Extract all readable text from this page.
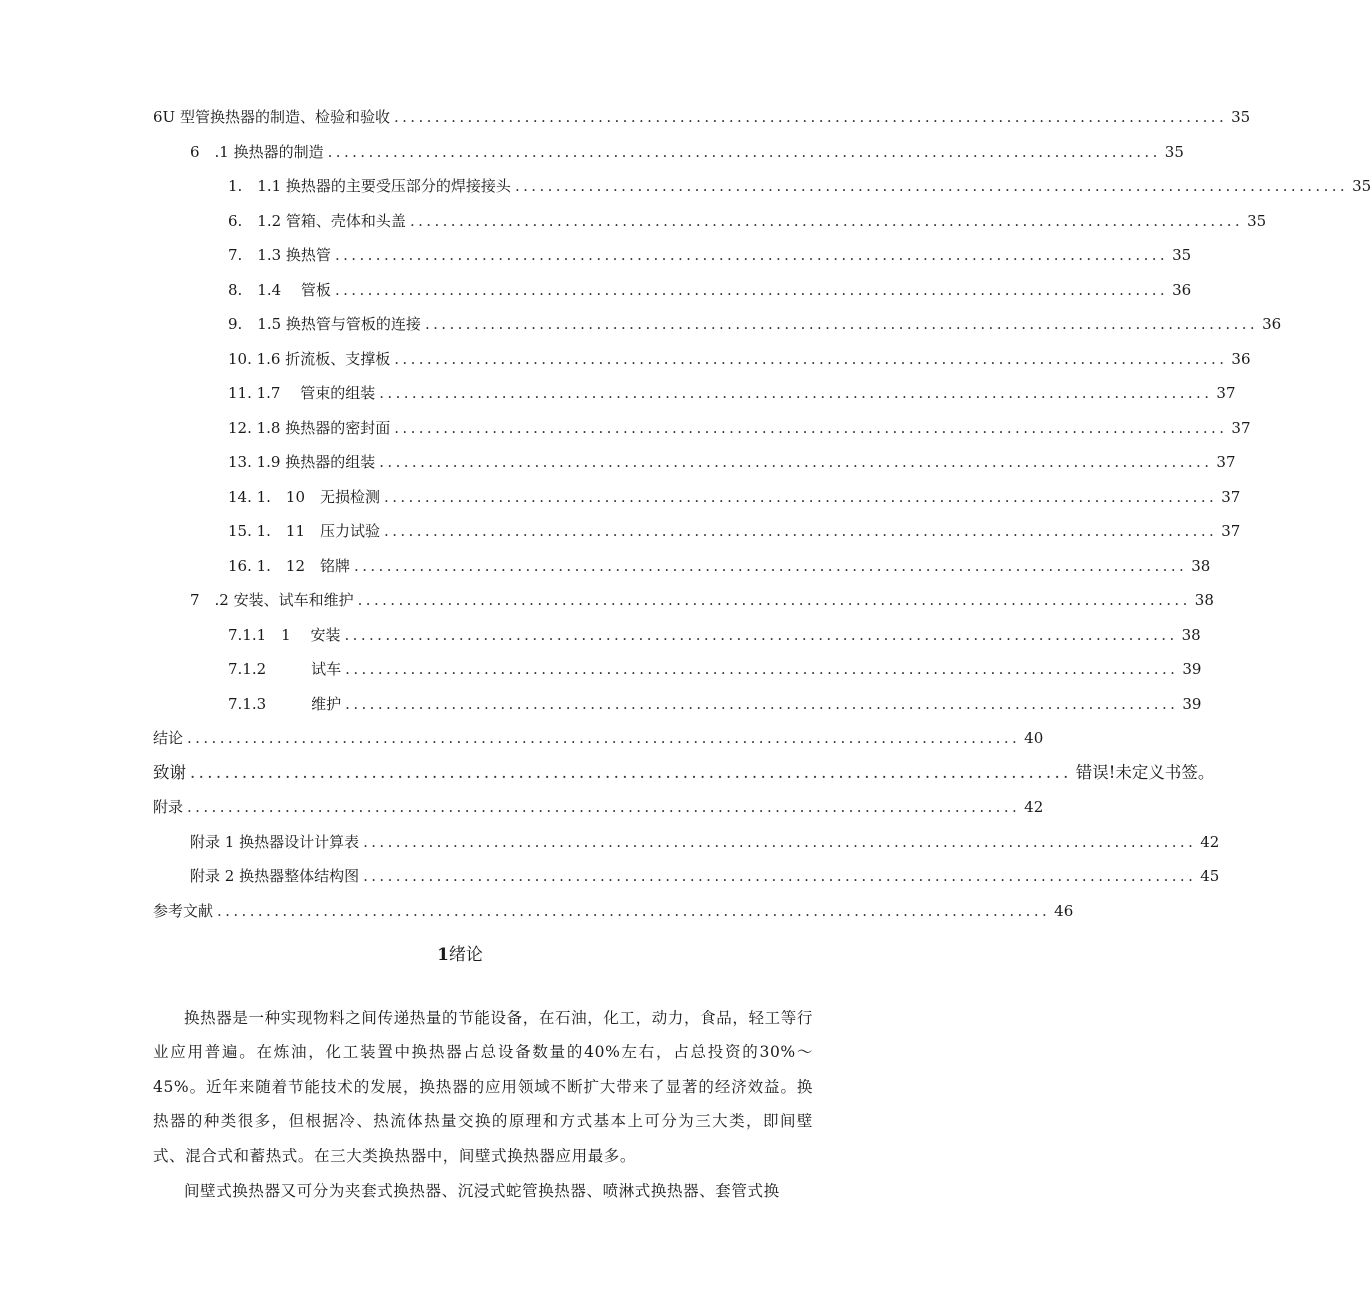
6U 型管换热器的制造、检验和验收 ...................................................................................................... 35
6　.1 换热器的制造 ...................................................................................................... 35
1.　1.1 换热器的主要受压部分的焊接接头 ...................................................................................................... 35
6.　1.2 管箱、壳体和头盖 ...................................................................................................... 35
7.　1.3 换热管 ...................................................................................................... 35
8.　1.4　 管板 ...................................................................................................... 36
9.　1.5 换热管与管板的连接 ...................................................................................................... 36
10. 1.6 折流板、支撑板 ...................................................................................................... 36
11. 1.7　 管束的组装 ...................................................................................................... 37
12. 1.8 换热器的密封面 ...................................................................................................... 37
13. 1.9 换热器的组装 ...................................................................................................... 37
14. 1.　10　无损检测 ...................................................................................................... 37
15. 1.　11　压力试验 ...................................................................................................... 37
16. 1.　12　铭牌 ...................................................................................................... 38
7　.2 安装、试车和维护 ...................................................................................................... 38
7.1.1　1　 安装 ...................................................................................................... 38
7.1.2　　　试车 ...................................................................................................... 39
7.1.3　　　维护 ...................................................................................................... 39
结论 ...................................................................................................... 40
致谢 ...................................................................................................... 错误!未定义书签。
附录 ...................................................................................................... 42
附录 1 换热器设计计算表 ...................................................................................................... 42
附录 2 换热器整体结构图 ...................................................................................................... 45
参考文献 ...................................................................................................... 46
1绪论

换热器是一种实现物料之间传递热量的节能设备，在石油，化工，动力，食品，轻工等行业应用普遍。在炼油，化工装置中换热器占总设备数量的40%左右，占总投资的30%～45%。近年来随着节能技术的发展，换热器的应用领域不断扩大带来了显著的经济效益。换热器的种类很多，但根据冷、热流体热量交换的原理和方式基本上可分为三大类，即间壁式、混合式和蓄热式。在三大类换热器中，间壁式换热器应用最多。

间壁式换热器又可分为夹套式换热器、沉浸式蛇管换热器、喷淋式换热器、套管式换
